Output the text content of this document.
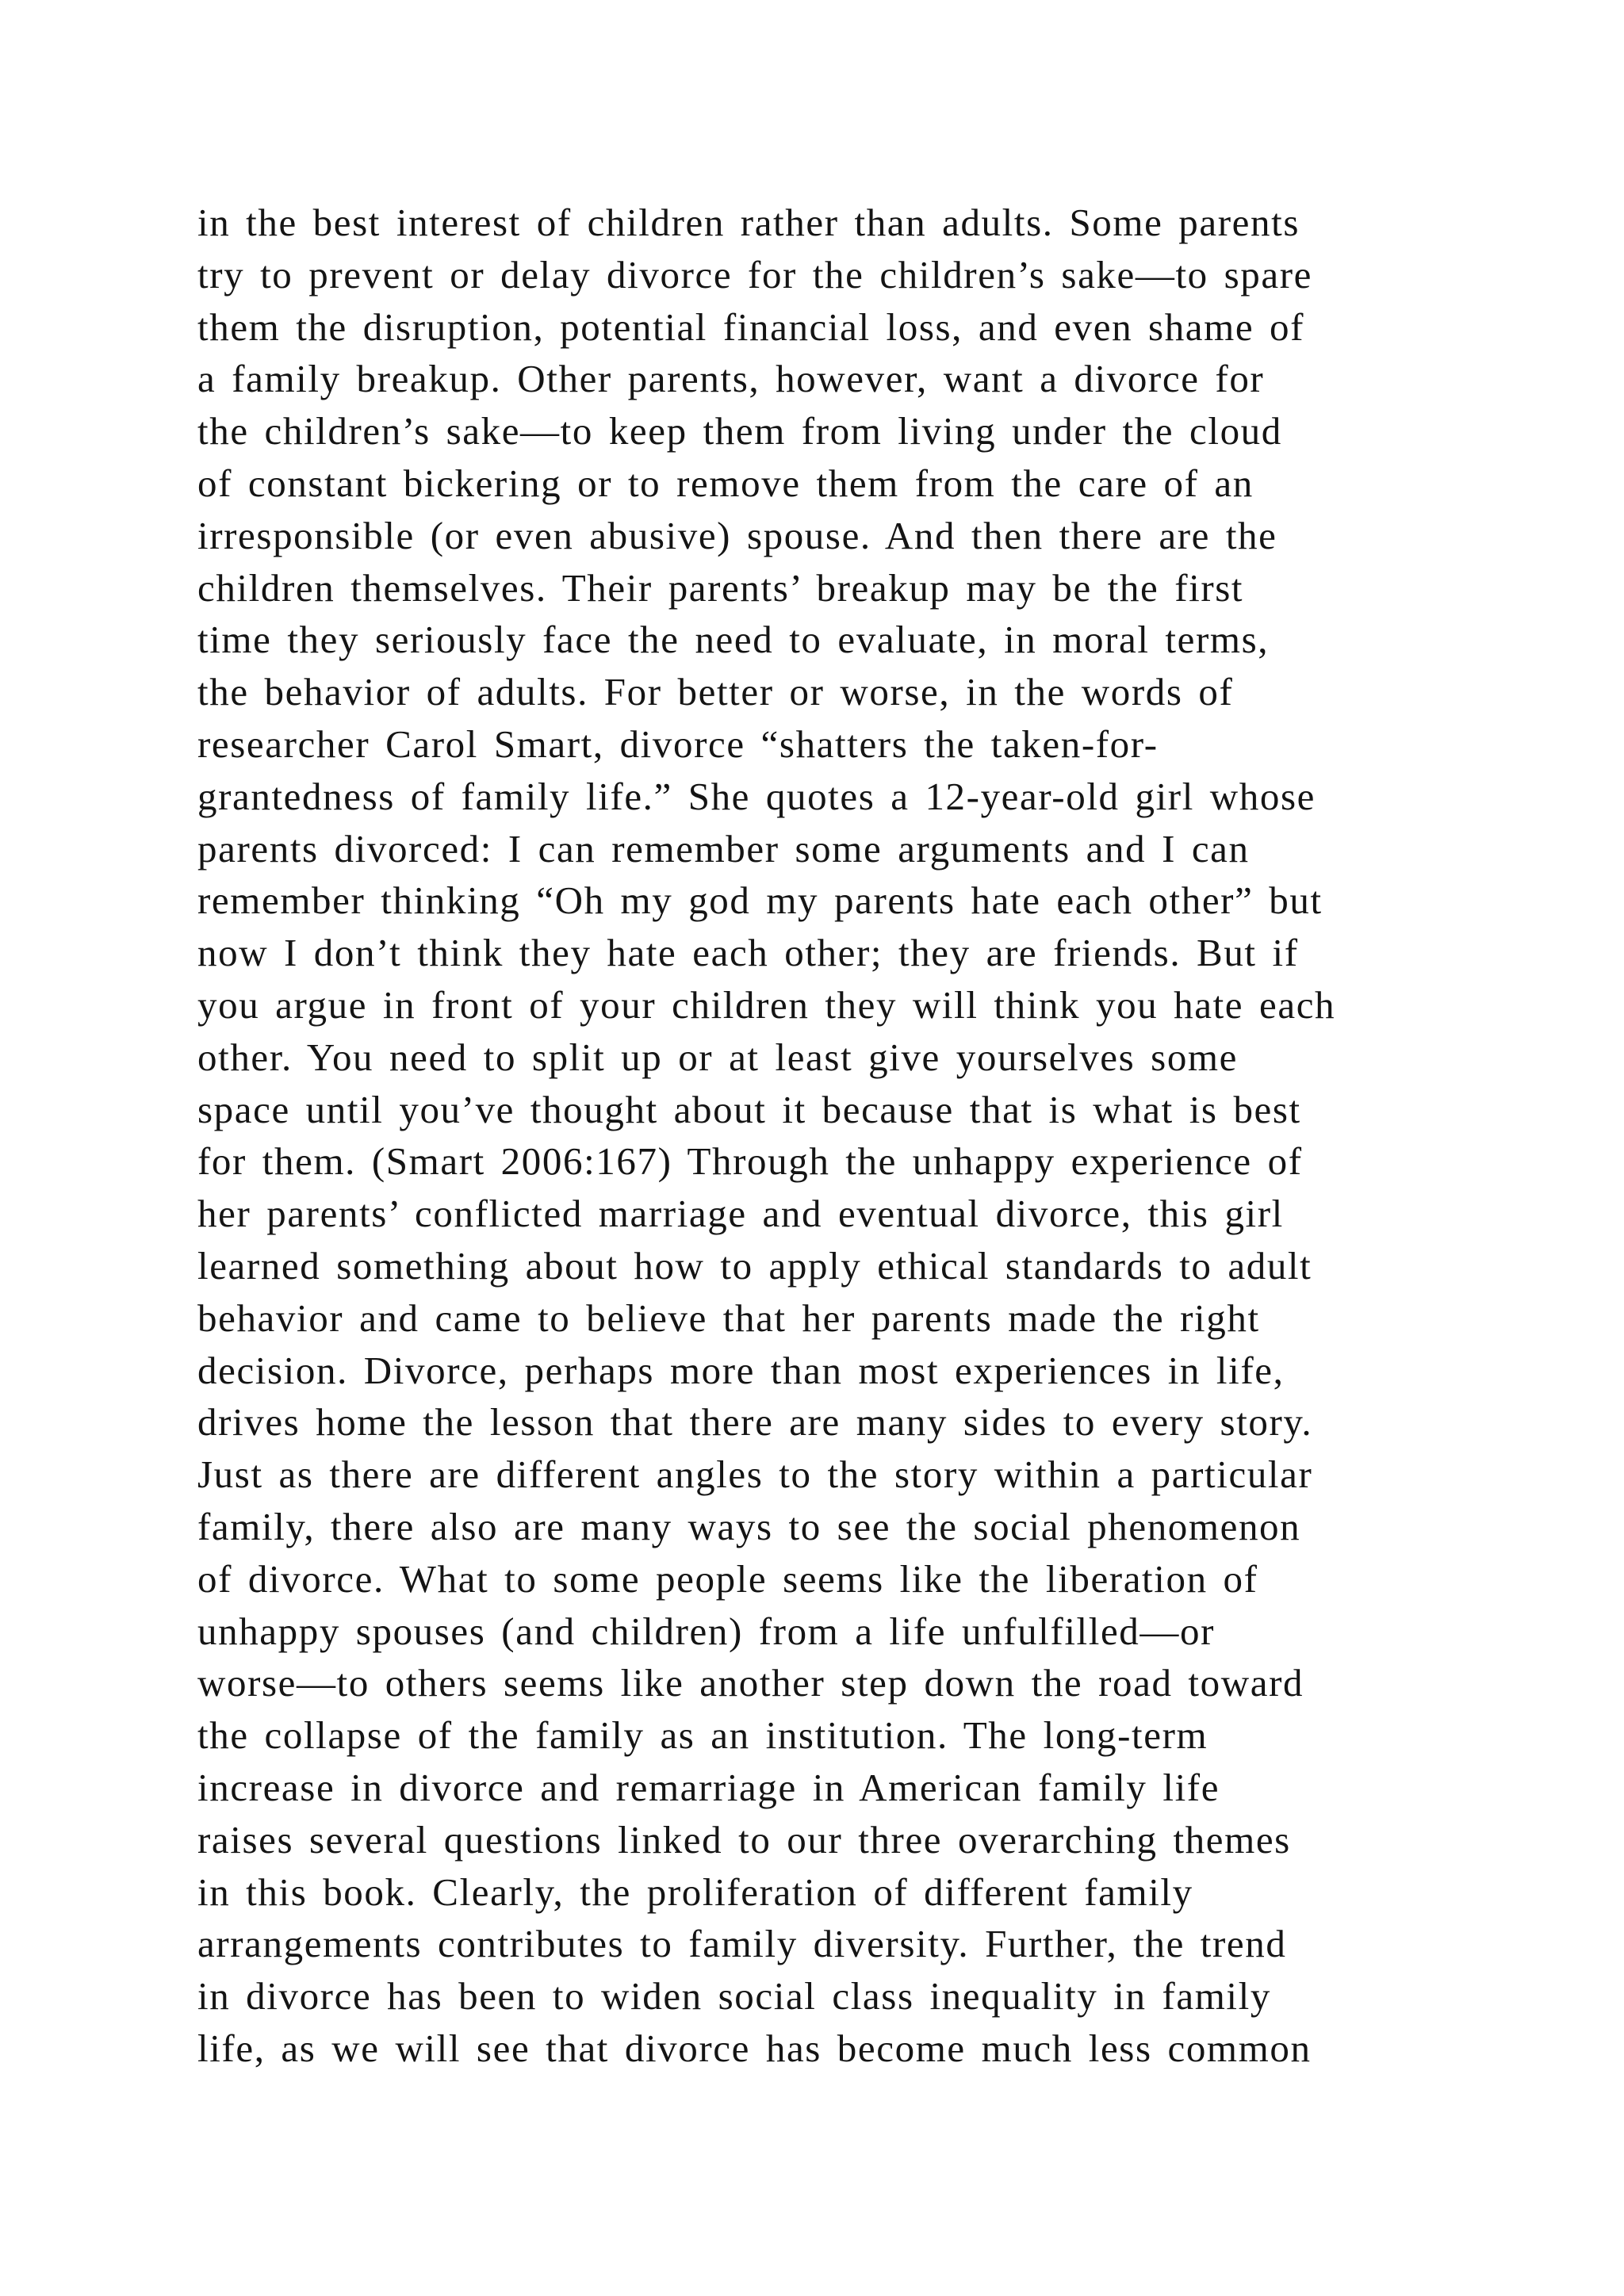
in the best interest of children rather than adults. Some parents
try to prevent or delay divorce for the children’s sake—to spare
them the disruption, potential financial loss, and even shame of
a family breakup. Other parents, however, want a divorce for
the children’s sake—to keep them from living under the cloud
of constant bickering or to remove them from the care of an
irresponsible (or even abusive) spouse. And then there are the
children themselves. Their parents’ breakup may be the first
time they seriously face the need to evaluate, in moral terms,
the behavior of adults. For better or worse, in the words of
researcher Carol Smart, divorce “shatters the taken-for-
grantedness of family life.” She quotes a 12-year-old girl whose
parents divorced: I can remember some arguments and I can
remember thinking “Oh my god my parents hate each other” but
now I don’t think they hate each other; they are friends. But if
you argue in front of your children they will think you hate each
other. You need to split up or at least give yourselves some
space until you’ve thought about it because that is what is best
for them. (Smart 2006:167) Through the unhappy experience of
her parents’ conflicted marriage and eventual divorce, this girl
learned something about how to apply ethical standards to adult
behavior and came to believe that her parents made the right
decision. Divorce, perhaps more than most experiences in life,
drives home the lesson that there are many sides to every story.
Just as there are different angles to the story within a particular
family, there also are many ways to see the social phenomenon
of divorce. What to some people seems like the liberation of
unhappy spouses (and children) from a life unfulfilled—or
worse—to others seems like another step down the road toward
the collapse of the family as an institution. The long-term
increase in divorce and remarriage in American family life
raises several questions linked to our three overarching themes
in this book. Clearly, the proliferation of different family
arrangements contributes to family diversity. Further, the trend
in divorce has been to widen social class inequality in family
life, as we will see that divorce has become much less common
